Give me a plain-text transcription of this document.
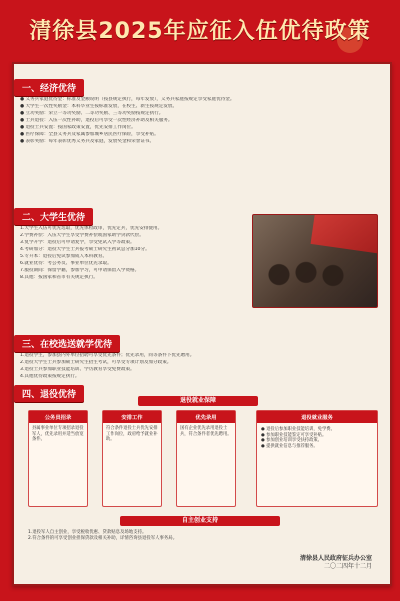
清徐县2025年应征入伍优待政策
一、经济优待
● 义务兵家庭优待金：标准及金额说明（按县规定执行，每年发放），义务兵家庭按规定享受家庭优待金。
● 大学生一次性奖励金：本科毕业生按标准发放，在校生、新生按规定发放。
● 立功奖励：荣立一等功奖励、二等功奖励、三等功奖励按规定执行。
● 士兵退役：入伍一次性补助，退役后可享受一次性经济补助及相关服务。
● 退役士兵安置：按国家政策安置，优先安排工作岗位。
● 医疗保障：全县义务兵及家属参加城乡居民医疗保险，享受补贴。
● 表彰奖励：每年表彰优秀义务兵及家庭，发放奖金和荣誉证书。
二、大学生优待
1.大学生入伍可优先选取，优先体检政审，优先定兵，优先安排使用。
2.学费补偿：入伍大学生享受学费补偿或国家助学贷款代偿。
3.复学升学：退役后可申请复学，享受免试入学等政策。
4.考研加分：退役大学生士兵报考硕士研究生初试总分加10分。
5.专升本：退役后免试参加成人本科教育。
6.就业优待：考公务员、事业单位优先录取。
7.服役期间：保留学籍，参加学习，可申请保留入学资格。
8.其他：按国家和省市有关规定执行。
三、在校选送就学优待
1.退役学生，参加县内外单位招聘可享受优先条件；优先录用，同等条件下优先聘用。
2.退役大学生士兵参加硕士研究生招生考试，可享受专项计划及加分政策。
3.退役士兵参加职业技能培训、学历教育享受免费政策。
4.其他优待政策按规定执行。
四、退役优待
退役就业保障
公务员招录
县属事业单位专项招录退役军人，优先录用并适当放宽条件。
安排工作
符合条件退役士兵优先安排工作岗位，政府给予就业补助。
优先录用
国有企业优先录用退役士兵，符合条件者优先聘用。
退役就业服务
● 退役后参加职业技能培训，免学费。
● 参加职业技能鉴定可享受补贴。
● 参加创业培训享受扶持政策。
● 提供就业信息与推荐服务。
自主创业支持
1.退役军人自主创业，享受税收优惠、贷款贴息及场地支持。
2.符合条件的可享受创业担保贷款及相关补助，详情咨询县退役军人事务局。
清徐县人民政府征兵办公室
二〇二四年十二月
